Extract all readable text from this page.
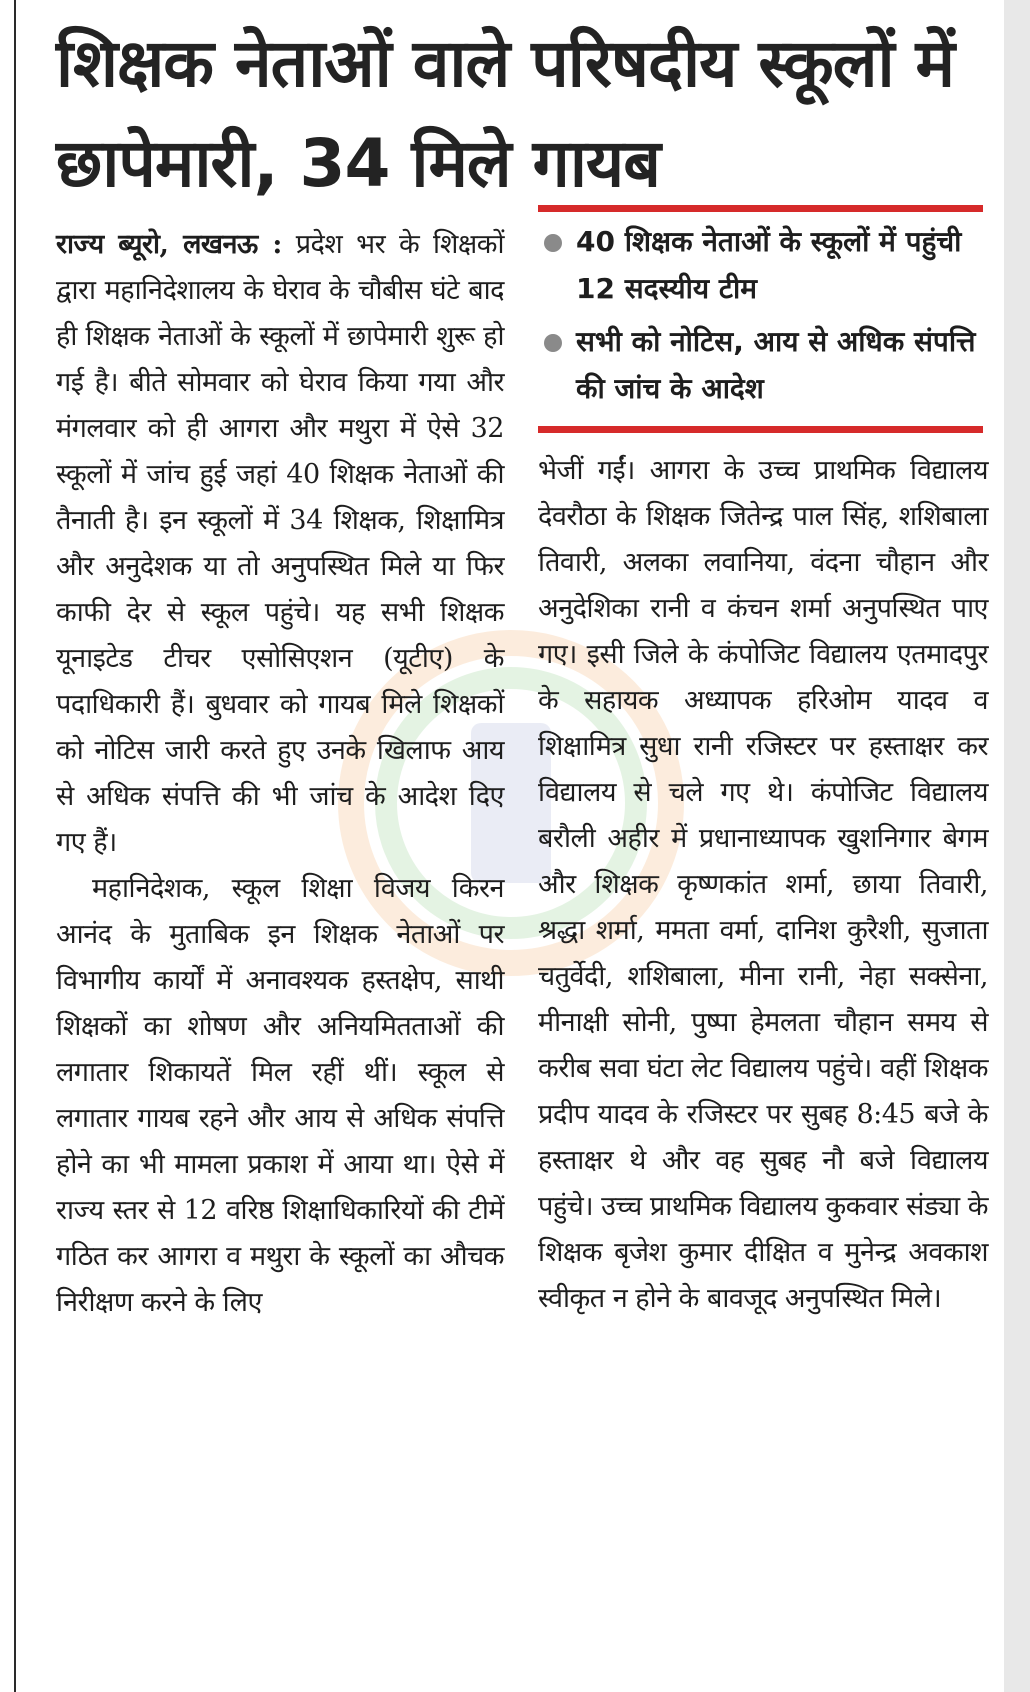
शिक्षक नेताओं वाले परिषदीय स्कूलों में छापेमारी, 34 मिले गायब
40 शिक्षक नेताओं के स्कूलों में पहुंची 12 सदस्यीय टीम
सभी को नोटिस, आय से अधिक संपत्ति की जांच के आदेश

राज्य ब्यूरो, लखनऊ : प्रदेश भर के शिक्षकों द्वारा महानिदेशालय के घेराव के चौबीस घंटे बाद ही शिक्षक नेताओं के स्कूलों में छापेमारी शुरू हो गई है। बीते सोमवार को घेराव किया गया और मंगलवार को ही आगरा और मथुरा में ऐसे 32 स्कूलों में जांच हुई जहां 40 शिक्षक नेताओं की तैनाती है। इन स्कूलों में 34 शिक्षक, शिक्षामित्र और अनुदेशक या तो अनुपस्थित मिले या फिर काफी देर से स्कूल पहुंचे। यह सभी शिक्षक यूनाइटेड टीचर एसोसिएशन (यूटीए) के पदाधिकारी हैं। बुधवार को गायब मिले शिक्षकों को नोटिस जारी करते हुए उनके खिलाफ आय से अधिक संपत्ति की भी जांच के आदेश दिए गए हैं।

महानिदेशक, स्कूल शिक्षा विजय किरन आनंद के मुताबिक इन शिक्षक नेताओं पर विभागीय कार्यों में अनावश्यक हस्तक्षेप, साथी शिक्षकों का शोषण और अनियमितताओं की लगातार शिकायतें मिल रहीं थीं। स्कूल से लगातार गायब रहने और आय से अधिक संपत्ति होने का भी मामला प्रकाश में आया था। ऐसे में राज्य स्तर से 12 वरिष्ठ शिक्षाधिकारियों की टीमें गठित कर आगरा व मथुरा के स्कूलों का औचक निरीक्षण करने के लिए

भेजीं गईं। आगरा के उच्च प्राथमिक विद्यालय देवरौठा के शिक्षक जितेन्द्र पाल सिंह, शशिबाला तिवारी, अलका लवानिया, वंदना चौहान और अनुदेशिका रानी व कंचन शर्मा अनुपस्थित पाए गए। इसी जिले के कंपोजिट विद्यालय एतमादपुर के सहायक अध्यापक हरिओम यादव व शिक्षामित्र सुधा रानी रजिस्टर पर हस्ताक्षर कर विद्यालय से चले गए थे। कंपोजिट विद्यालय बरौली अहीर में प्रधानाध्यापक खुशनिगार बेगम और शिक्षक कृष्णकांत शर्मा, छाया तिवारी, श्रद्धा शर्मा, ममता वर्मा, दानिश कुरैशी, सुजाता चतुर्वेदी, शशिबाला, मीना रानी, नेहा सक्सेना, मीनाक्षी सोनी, पुष्पा हेमलता चौहान समय से करीब सवा घंटा लेट विद्यालय पहुंचे। वहीं शिक्षक प्रदीप यादव के रजिस्टर पर सुबह 8:45 बजे के हस्ताक्षर थे और वह सुबह नौ बजे विद्यालय पहुंचे। उच्च प्राथमिक विद्यालय कुकवार संड्या के शिक्षक बृजेश कुमार दीक्षित व मुनेन्द्र अवकाश स्वीकृत न होने के बावजूद अनुपस्थित मिले।
